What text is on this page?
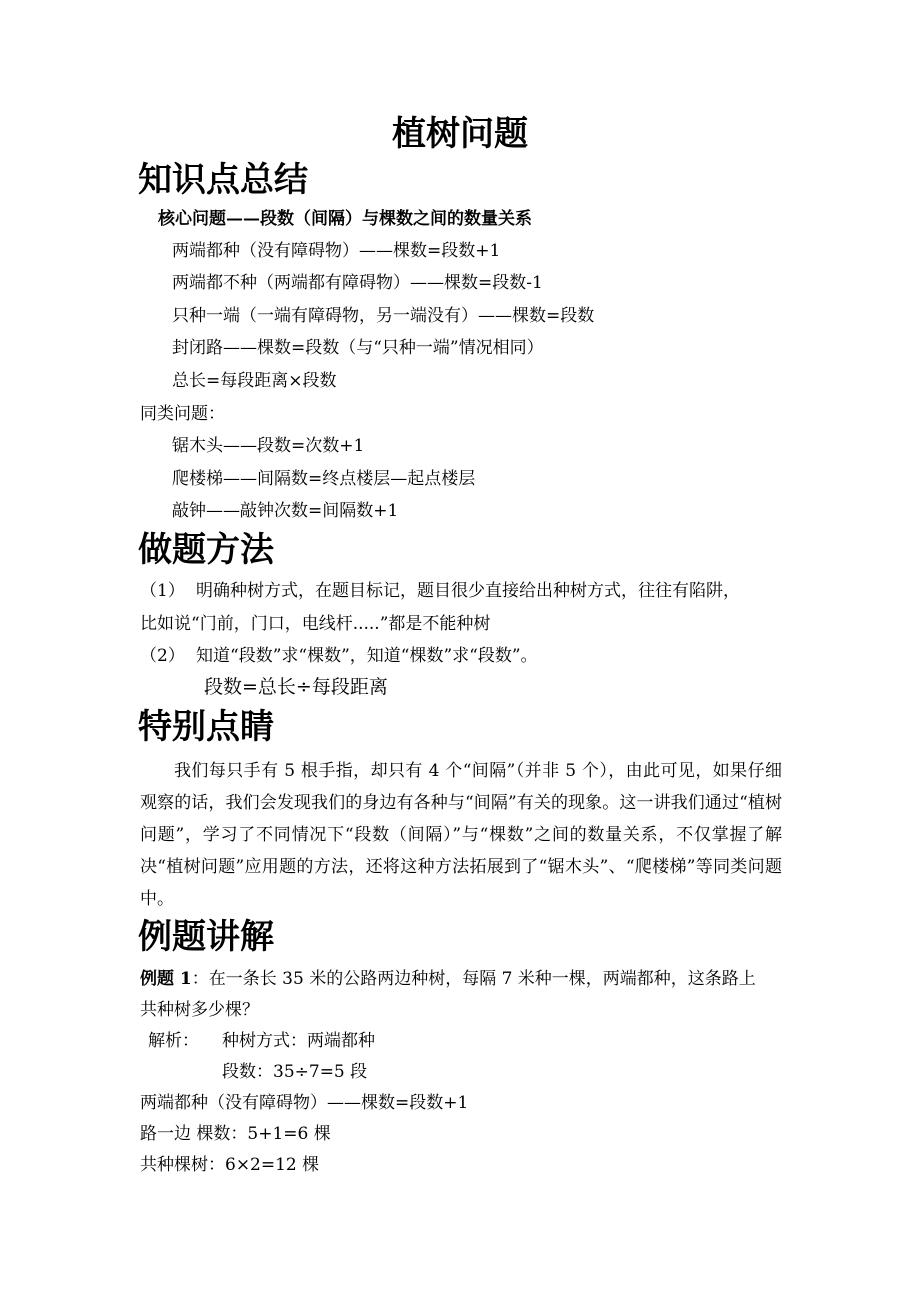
植树问题
知识点总结
核心问题——段数（间隔）与棵数之间的数量关系
两端都种（没有障碍物）——棵数=段数+1
两端都不种（两端都有障碍物）——棵数=段数-1
只种一端（一端有障碍物，另一端没有）——棵数=段数
封闭路——棵数=段数（与“只种一端”情况相同）
总长=每段距离×段数
同类问题：
锯木头——段数=次数+1
爬楼梯——间隔数=终点楼层—起点楼层
敲钟——敲钟次数=间隔数+1
做题方法
（1） 明确种树方式，在题目标记，题目很少直接给出种树方式，往往有陷阱，
比如说“门前，门口，电线杆.....”都是不能种树
（2） 知道“段数”求“棵数”，知道“棵数”求“段数”。
段数=总长÷每段距离
特别点睛
我们每只手有 5 根手指，却只有 4 个“间隔”（并非 5 个），由此可见，如果仔细观察的话，我们会发现我们的身边有各种与“间隔”有关的现象。这一讲我们通过“植树问题”，学习了不同情况下“段数（间隔）”与“棵数”之间的数量关系，不仅掌握了解决“植树问题”应用题的方法，还将这种方法拓展到了“锯木头”、“爬楼梯”等同类问题中。
例题讲解
例题 1：在一条长 35 米的公路两边种树，每隔 7 米种一棵，两端都种，这条路上
共种树多少棵？
解析： 种树方式：两端都种
段数：35÷7=5 段
两端都种（没有障碍物）——棵数=段数+1
路一边 棵数：5+1=6 棵
共种棵树：6×2=12 棵
